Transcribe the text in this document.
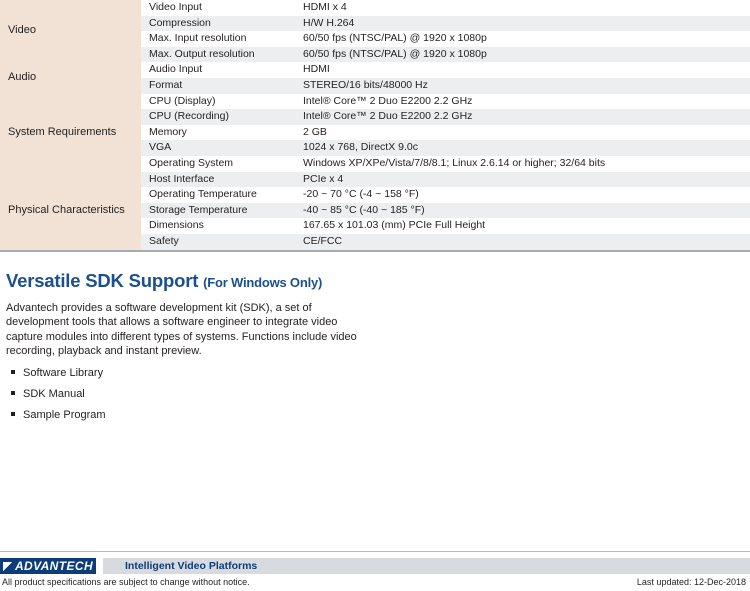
Video	Video Input	HDMI x 4
	Compression	H/W H.264
	Max. Input resolution	60/50 fps (NTSC/PAL) @ 1920 x 1080p
	Max. Output resolution	60/50 fps (NTSC/PAL) @ 1920 x 1080p
Audio	Audio Input	HDMI
	Format	STEREO/16 bits/48000 Hz
System Requirements	CPU (Display)	Intel® Core™ 2 Duo E2200 2.2 GHz
	CPU (Recording)	Intel® Core™ 2 Duo E2200 2.2 GHz
	Memory	2 GB
	VGA	1024 x 768, DirectX 9.0c
	Operating System	Windows XP/XPe/Vista/7/8/8.1; Linux 2.6.14 or higher; 32/64 bits
Physical Characteristics	Host Interface	PCIe x 4
	Operating Temperature	-20 ~ 70 °C (-4 ~ 158 °F)
	Storage Temperature	-40 ~ 85 °C (-40 ~ 185 °F)
	Dimensions	167.65 x 101.03 (mm) PCIe Full Height
	Safety	CE/FCC
Versatile SDK Support (For Windows Only)

Advantech provides a software development kit (SDK), a set of development tools that allows a software engineer to integrate video capture modules into different types of systems. Functions include video recording, playback and instant preview.

Software Library
SDK Manual
Sample Program
ADVANTECH	Intelligent Video Platforms
All product specifications are subject to change without notice.	Last updated: 12-Dec-2018
